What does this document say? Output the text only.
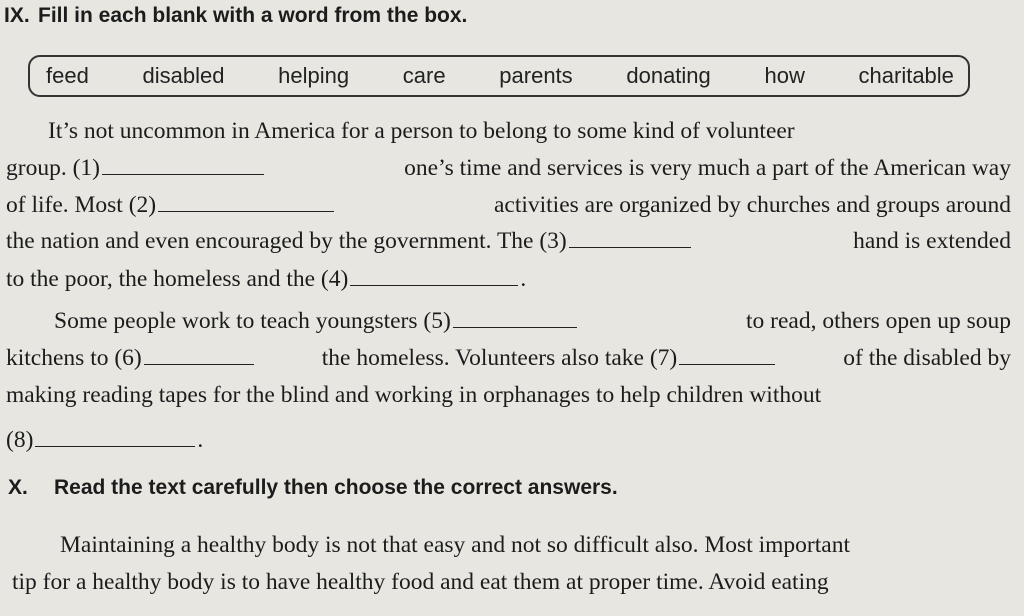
IX. Fill in each blank with a word from the box.
feed disabled helping care parents donating how charitable
It’s not uncommon in America for a person to belong to some kind of volunteer
group. (1)	one’s time and services is very much a part of the American way
of life. Most (2)	activities are organized by churches and groups around
the nation and even encouraged by the government. The (3)	hand is extended
to the poor, the homeless and the (4)	.
Some people work to teach youngsters (5)	to read, others open up soup
kitchens to (6)	the homeless. Volunteers also take (7)	of the disabled by
making reading tapes for the blind and working in orphanages to help children without
(8)	.
X. Read the text carefully then choose the correct answers.
Maintaining a healthy body is not that easy and not so difficult also. Most important
tip for a healthy body is to have healthy food and eat them at proper time. Avoid eating
